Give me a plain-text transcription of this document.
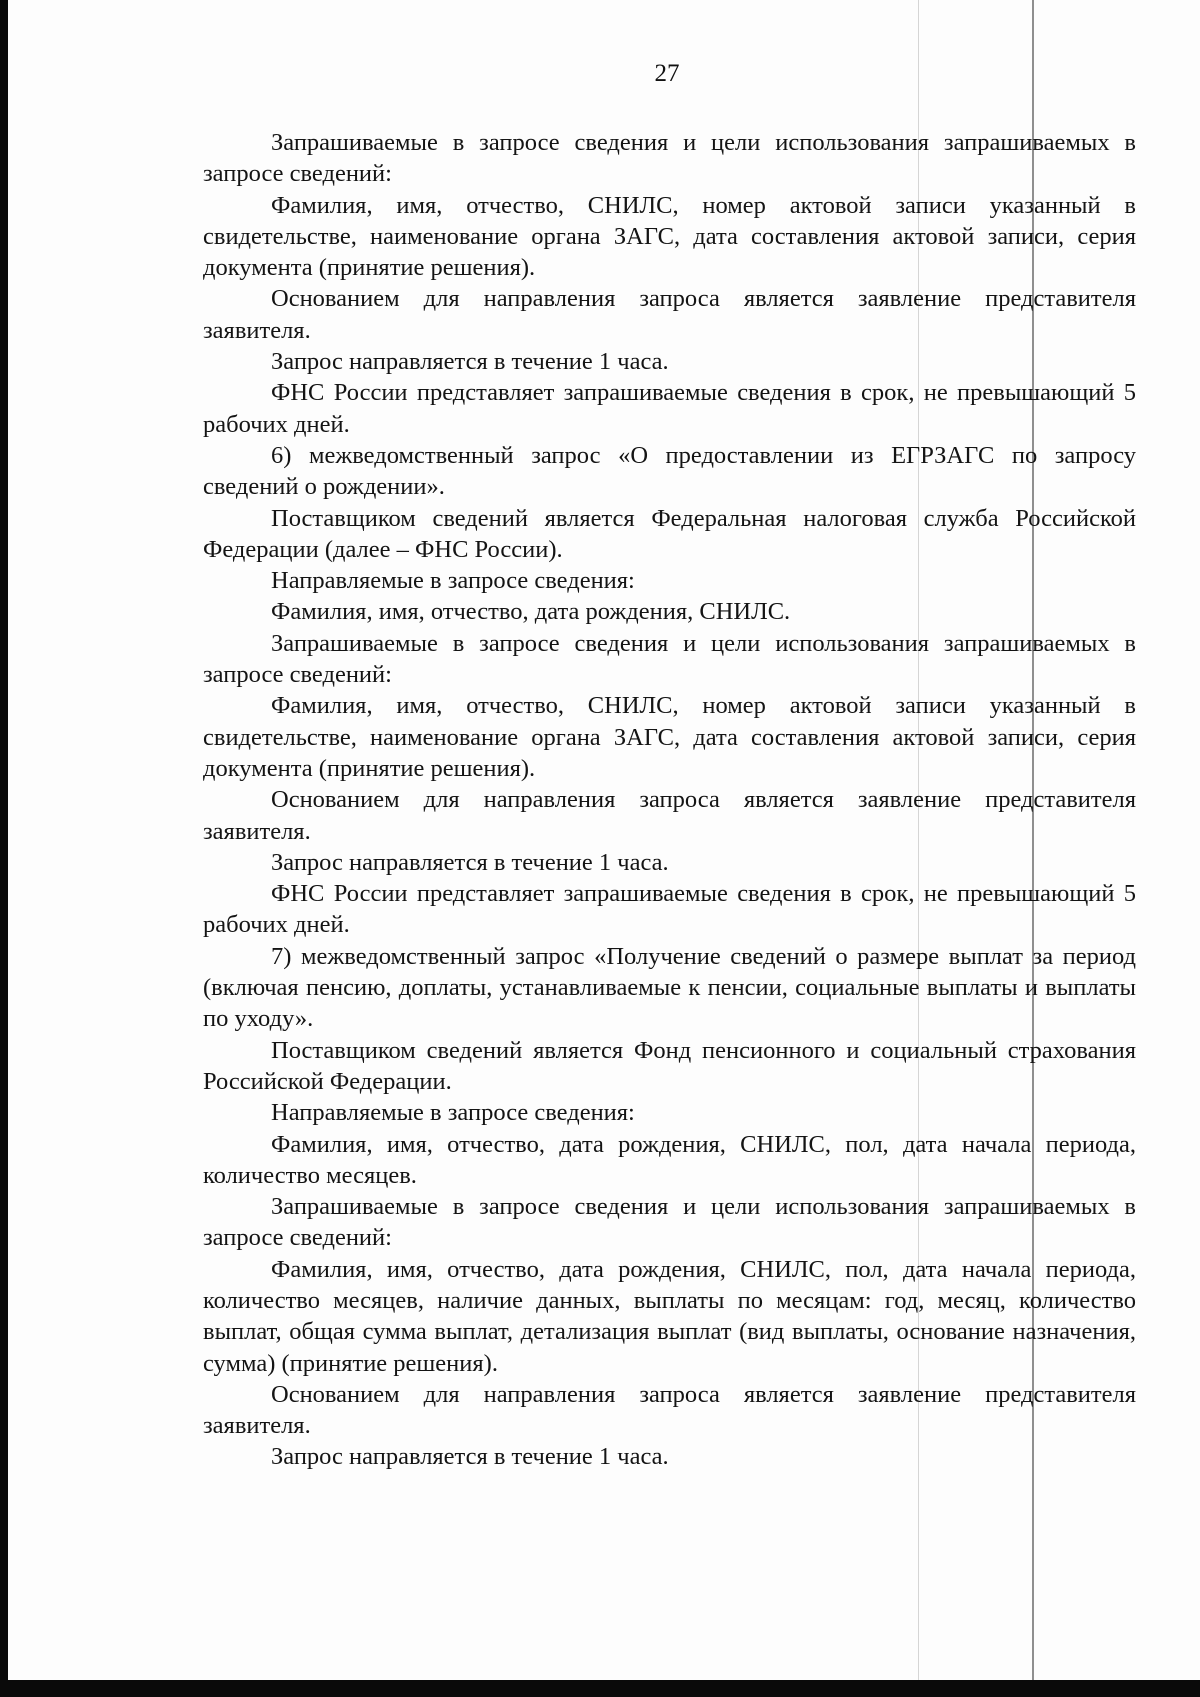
27

Запрашиваемые в запросе сведения и цели использования запрашиваемых в запросе сведений:

Фамилия, имя, отчество, СНИЛС, номер актовой записи указанный в свидетельстве, наименование органа ЗАГС, дата составления актовой записи, серия документа (принятие решения).

Основанием для направления запроса является заявление представителя заявителя.

Запрос направляется в течение 1 часа.

ФНС России представляет запрашиваемые сведения в срок, не превышающий 5 рабочих дней.

6) межведомственный запрос «О предоставлении из ЕГРЗАГС по запросу сведений о рождении».

Поставщиком сведений является Федеральная налоговая служба Российской Федерации (далее – ФНС России).

Направляемые в запросе сведения:

Фамилия, имя, отчество, дата рождения, СНИЛС.

Запрашиваемые в запросе сведения и цели использования запрашиваемых в запросе сведений:

Фамилия, имя, отчество, СНИЛС, номер актовой записи указанный в свидетельстве, наименование органа ЗАГС, дата составления актовой записи, серия документа (принятие решения).

Основанием для направления запроса является заявление представителя заявителя.

Запрос направляется в течение 1 часа.

ФНС России представляет запрашиваемые сведения в срок, не превышающий 5 рабочих дней.

7) межведомственный запрос «Получение сведений о размере выплат за период (включая пенсию, доплаты, устанавливаемые к пенсии, социальные выплаты и выплаты по уходу».

Поставщиком сведений является Фонд пенсионного и социальный страхования Российской Федерации.

Направляемые в запросе сведения:

Фамилия, имя, отчество, дата рождения, СНИЛС, пол, дата начала периода, количество месяцев.

Запрашиваемые в запросе сведения и цели использования запрашиваемых в запросе сведений:

Фамилия, имя, отчество, дата рождения, СНИЛС, пол, дата начала периода, количество месяцев, наличие данных, выплаты по месяцам: год, месяц, количество выплат, общая сумма выплат, детализация выплат (вид выплаты, основание назначения, сумма) (принятие решения).

Основанием для направления запроса является заявление представителя заявителя.

Запрос направляется в течение 1 часа.
